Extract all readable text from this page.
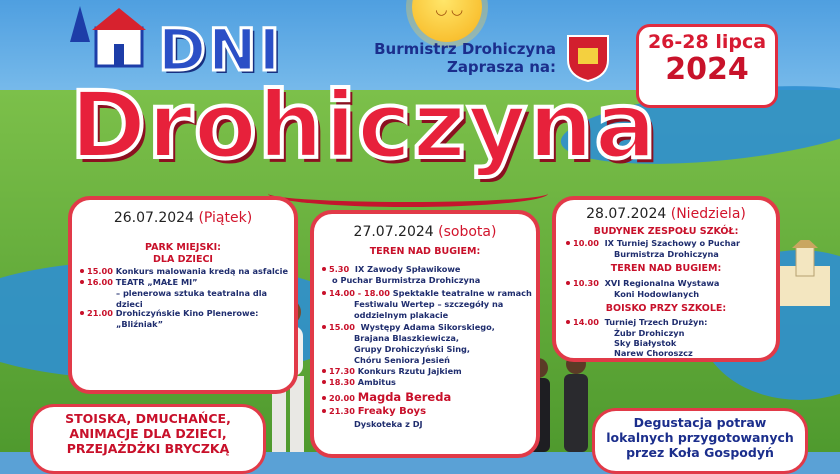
◡ ◡
DNI	Burmistrz Drohiczyna
Zaprasza na:
26-28 lipca
2024
Drohiczyna
26.07.2024 (Piątek)
PARK MIEJSKI:
DLA DZIECI
15.00 Konkurs malowania kredą na asfalcie
16.00 TEATR „MAŁE MI”
– plenerowa sztuka teatralna dla dzieci
21.00 Drohiczyńskie Kino Plenerowe:
„Bliźniak”
27.07.2024 (sobota)
TEREN NAD BUGIEM:
5.30 IX Zawody Spławikowe
o Puchar Burmistrza Drohiczyna
14.00 - 18.00 Spektakle teatralne w ramach
Festiwalu Wertep – szczegóły na
oddzielnym plakacie
15.00 Występy Adama Sikorskiego,
Brajana Blaszkiewicza,
Grupy Drohiczyński Sing,
Chóru Seniora Jesień
17.30 Konkurs Rzutu Jajkiem
18.30 Ambitus
20.00 Magda Bereda
21.30 Freaky Boys
Dyskoteka z DJ
28.07.2024 (Niedziela)
BUDYNEK ZESPOŁU SZKÓŁ:
10.00 IX Turniej Szachowy o Puchar
Burmistrza Drohiczyna
TEREN NAD BUGIEM:
10.30 XVI Regionalna Wystawa
Koni Hodowlanych
BOISKO PRZY SZKOLE:
14.00 Turniej Trzech Drużyn:
Żubr Drohiczyn
Sky Białystok
Narew Choroszcz
STOISKA, DMUCHAŃCE,
ANIMACJE DLA DZIECI,
PRZEJAŻDŻKI BRYCZKĄ
Degustacja potraw
lokalnych przygotowanych
przez Koła Gospodyń
